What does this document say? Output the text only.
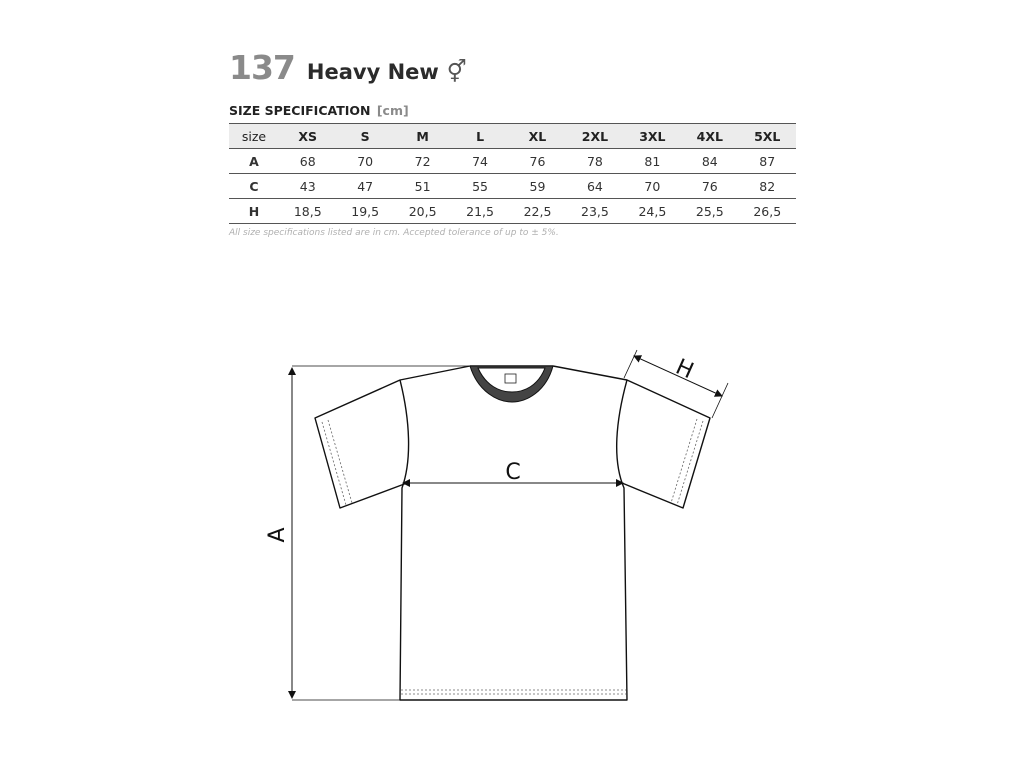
137 Heavy New ⚥
SIZE SPECIFICATION [cm]
size	XS	S	M	L	XL	2XL	3XL	4XL	5XL
A	68	70	72	74	76	78	81	84	87
C	43	47	51	55	59	64	70	76	82
H	18,5	19,5	20,5	21,5	22,5	23,5	24,5	25,5	26,5
All size specifications listed are in cm. Accepted tolerance of up to ± 5%.
A
C
H
